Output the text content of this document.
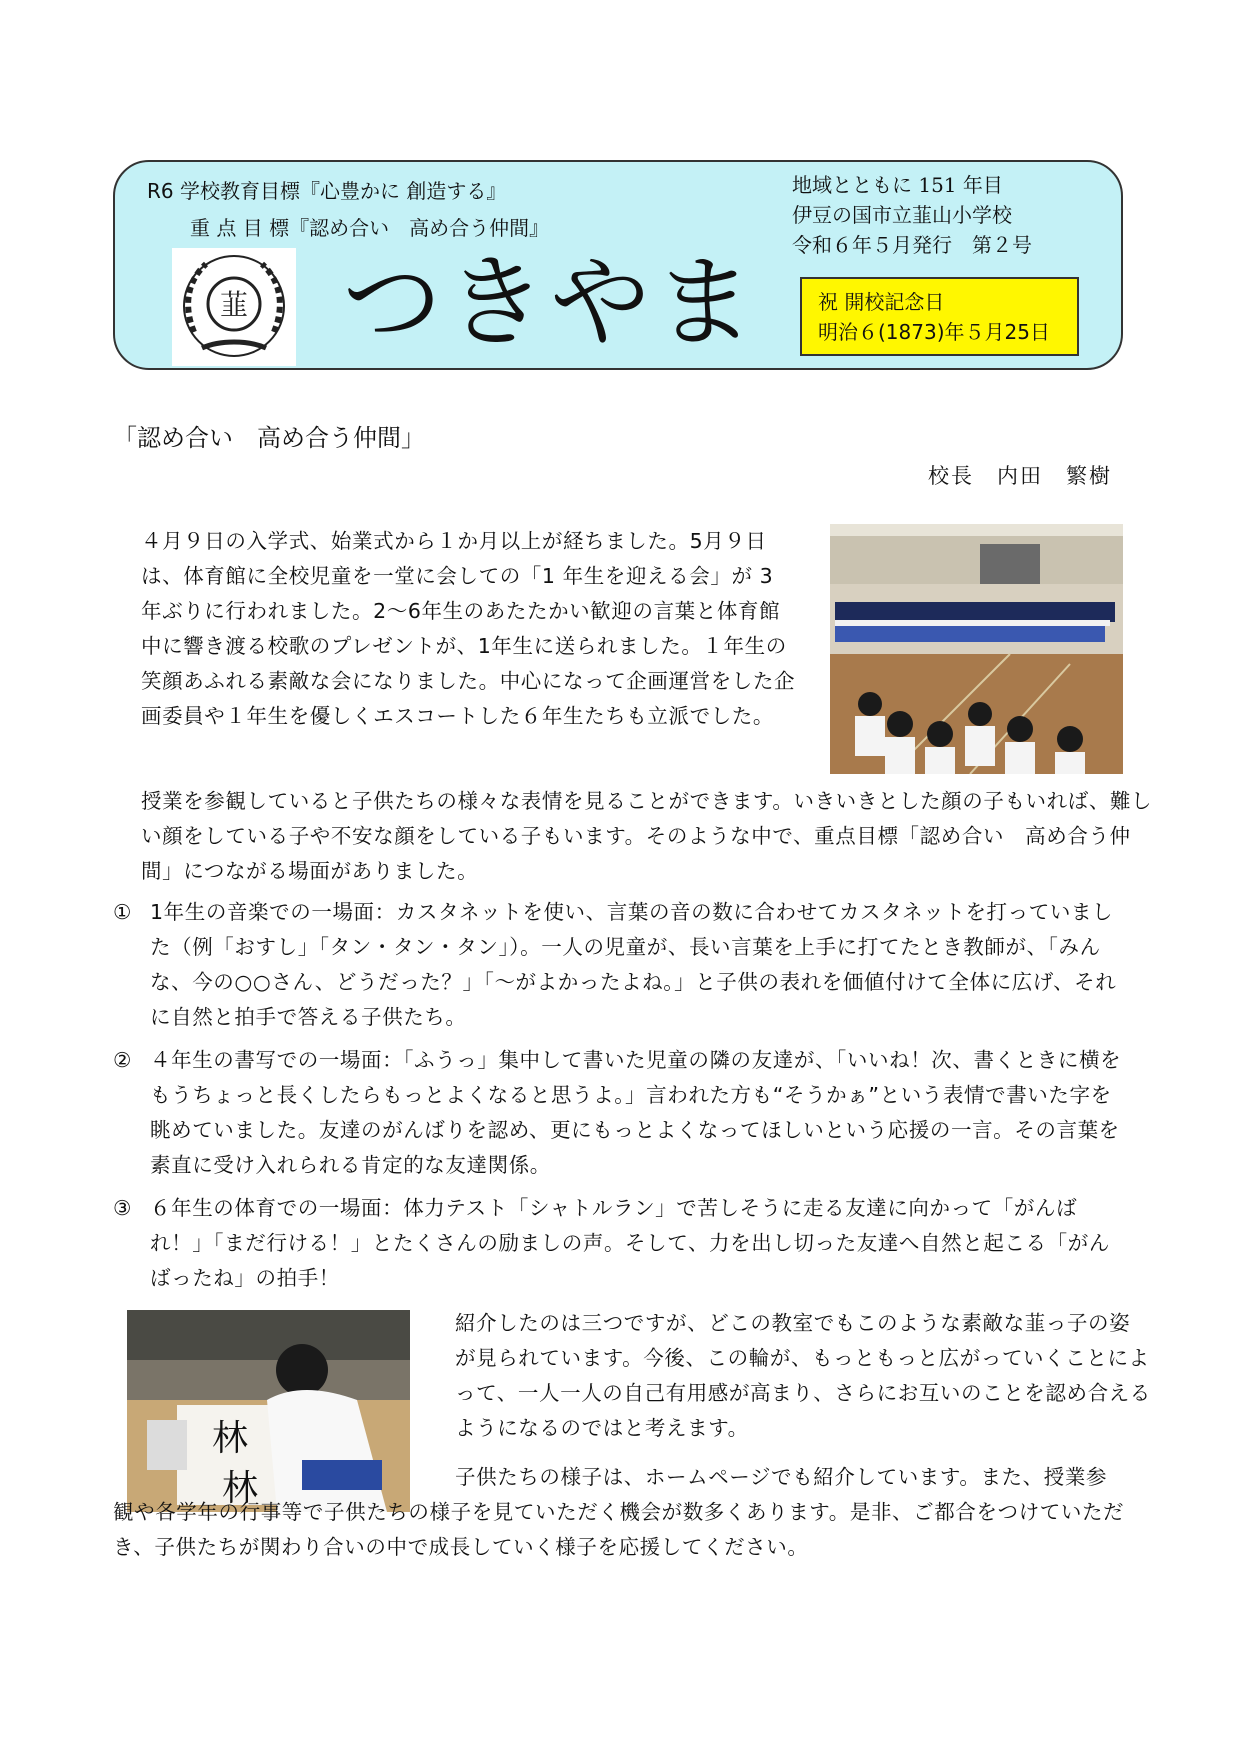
R6 学校教育目標『心豊かに 創造する』
重 点 目 標『認め合い　高め合う仲間』
韮 つきやま
地域とともに 151 年目
伊豆の国市立韮山小学校
令和６年５月発行　第２号
祝 開校記念日
明治６(1873)年５月25日
「認め合い　高め合う仲間」
校長　内田　繁樹
４月９日の入学式、始業式から１か月以上が経ちました。5月９日は、体育館に全校児童を一堂に会しての「1 年生を迎える会」が 3 年ぶりに行われました。2～6年生のあたたかい歓迎の言葉と体育館中に響き渡る校歌のプレゼントが、1年生に送られました。１年生の笑顔あふれる素敵な会になりました。中心になって企画運営をした企画委員や１年生を優しくエスコートした６年生たちも立派でした。
授業を参観していると子供たちの様々な表情を見ることができます。いきいきとした顔の子もいれば、難しい顔をしている子や不安な顔をしている子もいます。そのような中で、重点目標「認め合い　高め合う仲間」につながる場面がありました。
① 1年生の音楽での一場面：カスタネットを使い、言葉の音の数に合わせてカスタネットを打っていました（例「おすし」「タン・タン・タン」）。一人の児童が、長い言葉を上手に打てたとき教師が、「みんな、今の○○さん、どうだった？」「～がよかったよね。」と子供の表れを価値付けて全体に広げ、それに自然と拍手で答える子供たち。
② ４年生の書写での一場面：「ふうっ」集中して書いた児童の隣の友達が、「いいね！次、書くときに横をもうちょっと長くしたらもっとよくなると思うよ。」言われた方も“そうかぁ”という表情で書いた字を眺めていました。友達のがんばりを認め、更にもっとよくなってほしいという応援の一言。その言葉を素直に受け入れられる肯定的な友達関係。
③ ６年生の体育での一場面：体力テスト「シャトルラン」で苦しそうに走る友達に向かって「がんばれ！」「まだ行ける！」とたくさんの励ましの声。そして、力を出し切った友達へ自然と起こる「がんばったね」の拍手！
林
林
紹介したのは三つですが、どこの教室でもこのような素敵な韮っ子の姿が見られています。今後、この輪が、もっともっと広がっていくことによって、一人一人の自己有用感が高まり、さらにお互いのことを認め合えるようになるのではと考えます。
子供たちの様子は、ホームページでも紹介しています。また、授業参観や各学年の行事等で子供たちの様子を見ていただく機会が数多くあります。是非、ご都合をつけていただき、子供たちが関わり合いの中で成長していく様子を応援してください。
